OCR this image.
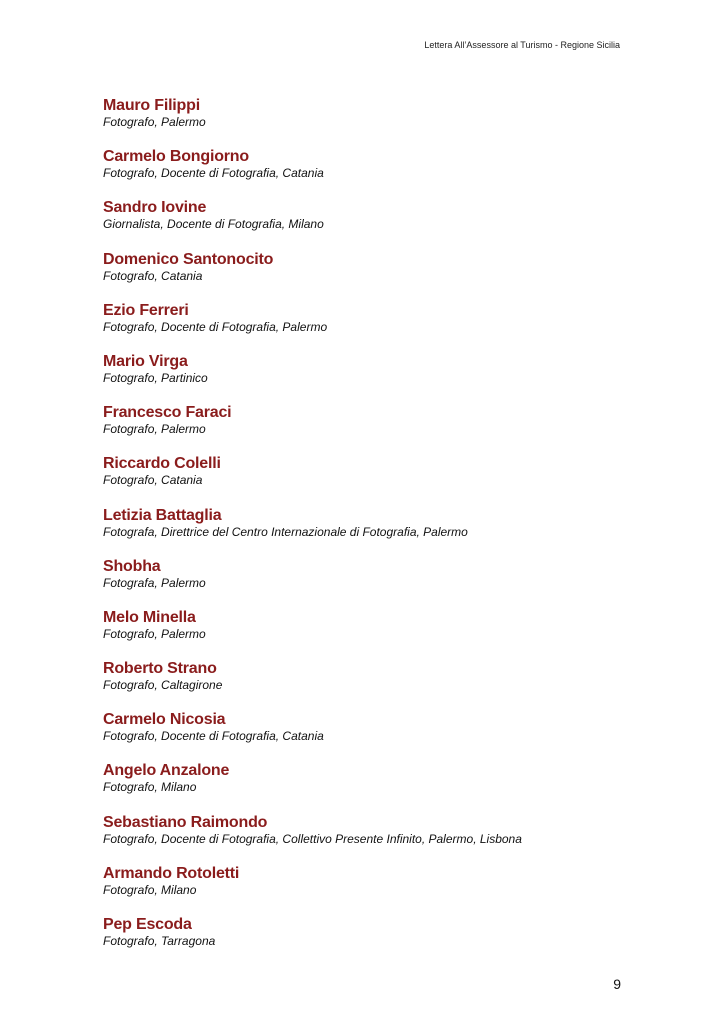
Lettera All’Assessore al Turismo - Regione Sicilia
Mauro Filippi
Fotografo, Palermo
Carmelo Bongiorno
Fotografo, Docente di Fotografia, Catania
Sandro Iovine
Giornalista, Docente di Fotografia, Milano
Domenico Santonocito
Fotografo, Catania
Ezio Ferreri
Fotografo, Docente di Fotografia, Palermo
Mario Virga
Fotografo, Partinico
Francesco Faraci
Fotografo, Palermo
Riccardo Colelli
Fotografo, Catania
Letizia Battaglia
Fotografa, Direttrice del Centro Internazionale di Fotografia, Palermo
Shobha
Fotografa, Palermo
Melo Minella
Fotografo, Palermo
Roberto Strano
Fotografo, Caltagirone
Carmelo Nicosia
Fotografo, Docente di Fotografia, Catania
Angelo Anzalone
Fotografo, Milano
Sebastiano Raimondo
Fotografo, Docente di Fotografia, Collettivo Presente Infinito, Palermo, Lisbona
Armando Rotoletti
Fotografo, Milano
Pep Escoda
Fotografo, Tarragona
9
